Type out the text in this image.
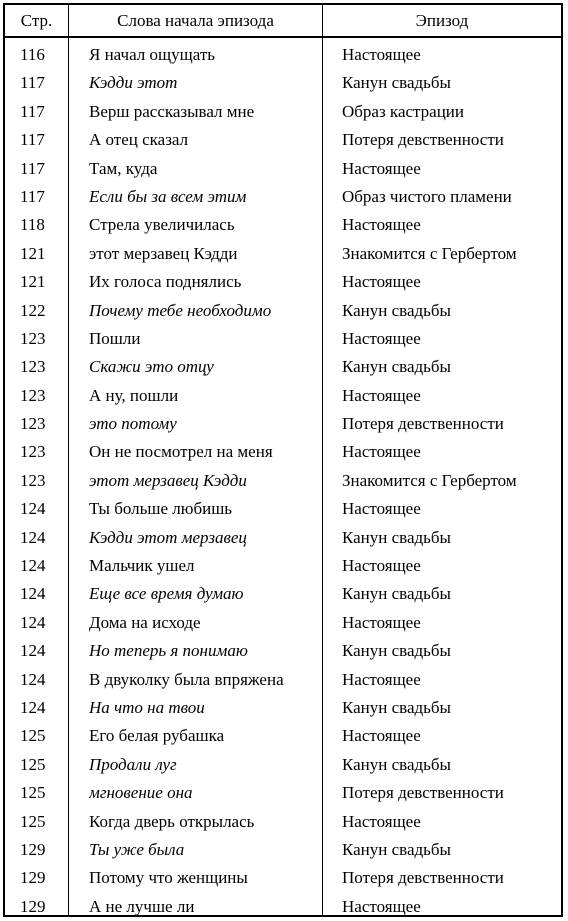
Стр.	Слова начала эпизода	Эпизод
116	Я начал ощущать	Настоящее
117	Кэдди этот	Канун свадьбы
117	Верш рассказывал мне	Образ кастрации
117	А отец сказал	Потеря девственности
117	Там, куда	Настоящее
117	Если бы за всем этим	Образ чистого пламени
118	Стрела увеличилась	Настоящее
121	этот мерзавец Кэдди	Знакомится с Гербертом
121	Их голоса поднялись	Настоящее
122	Почему тебе необходимо	Канун свадьбы
123	Пошли	Настоящее
123	Скажи это отцу	Канун свадьбы
123	А ну, пошли	Настоящее
123	это потому	Потеря девственности
123	Он не посмотрел на меня	Настоящее
123	этот мерзавец Кэдди	Знакомится с Гербертом
124	Ты больше любишь	Настоящее
124	Кэдди этот мерзавец	Канун свадьбы
124	Мальчик ушел	Настоящее
124	Еще все время думаю	Канун свадьбы
124	Дома на исходе	Настоящее
124	Но теперь я понимаю	Канун свадьбы
124	В двуколку была впряжена	Настоящее
124	На что на твои	Канун свадьбы
125	Его белая рубашка	Настоящее
125	Продали луг	Канун свадьбы
125	мгновение она	Потеря девственности
125	Когда дверь открылась	Настоящее
129	Ты уже была	Канун свадьбы
129	Потому что женщины	Потеря девственности
129	А не лучше ли	Настоящее
